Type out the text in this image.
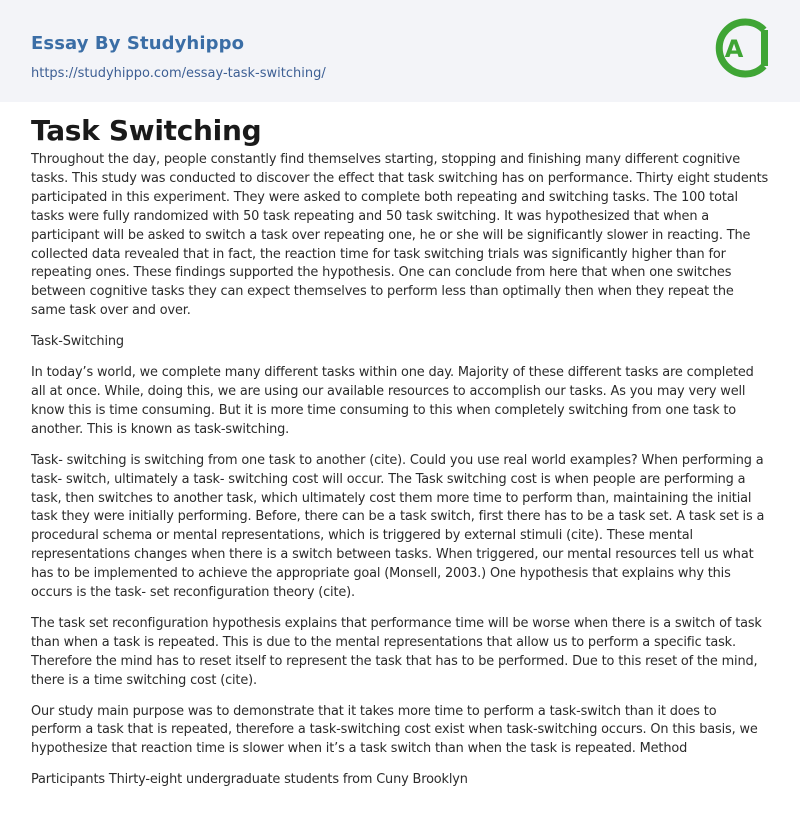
Essay By Studyhippo
https://studyhippo.com/essay-task-switching/
A
Task Switching

Throughout the day, people constantly find themselves starting, stopping and finishing many different cognitive tasks. This study was conducted to discover the effect that task switching has on performance. Thirty eight students participated in this experiment. They were asked to complete both repeating and switching tasks. The 100 total tasks were fully randomized with 50 task repeating and 50 task switching. It was hypothesized that when a participant will be asked to switch a task over repeating one, he or she will be significantly slower in reacting. The collected data revealed that in fact, the reaction time for task switching trials was significantly higher than for repeating ones. These findings supported the hypothesis. One can conclude from here that when one switches between cognitive tasks they can expect themselves to perform less than optimally then when they repeat the same task over and over.

Task-Switching

In today’s world, we complete many different tasks within one day. Majority of these different tasks are completed all at once. While, doing this, we are using our available resources to accomplish our tasks. As you may very well know this is time consuming. But it is more time consuming to this when completely switching from one task to another. This is known as task-switching.

Task- switching is switching from one task to another (cite). Could you use real world examples? When performing a task- switch, ultimately a task- switching cost will occur. The Task switching cost is when people are performing a task, then switches to another task, which ultimately cost them more time to perform than, maintaining the initial task they were initially performing. Before, there can be a task switch, first there has to be a task set. A task set is a procedural schema or mental representations, which is triggered by external stimuli (cite). These mental representations changes when there is a switch between tasks. When triggered, our mental resources tell us what has to be implemented to achieve the appropriate goal (Monsell, 2003.) One hypothesis that explains why this occurs is the task- set reconfiguration theory (cite).

The task set reconfiguration hypothesis explains that performance time will be worse when there is a switch of task than when a task is repeated. This is due to the mental representations that allow us to perform a specific task. Therefore the mind has to reset itself to represent the task that has to be performed. Due to this reset of the mind, there is a time switching cost (cite).

Our study main purpose was to demonstrate that it takes more time to perform a task-switch than it does to perform a task that is repeated, therefore a task-switching cost exist when task-switching occurs. On this basis, we hypothesize that reaction time is slower when it’s a task switch than when the task is repeated. Method

Participants Thirty-eight undergraduate students from Cuny Brooklyn
